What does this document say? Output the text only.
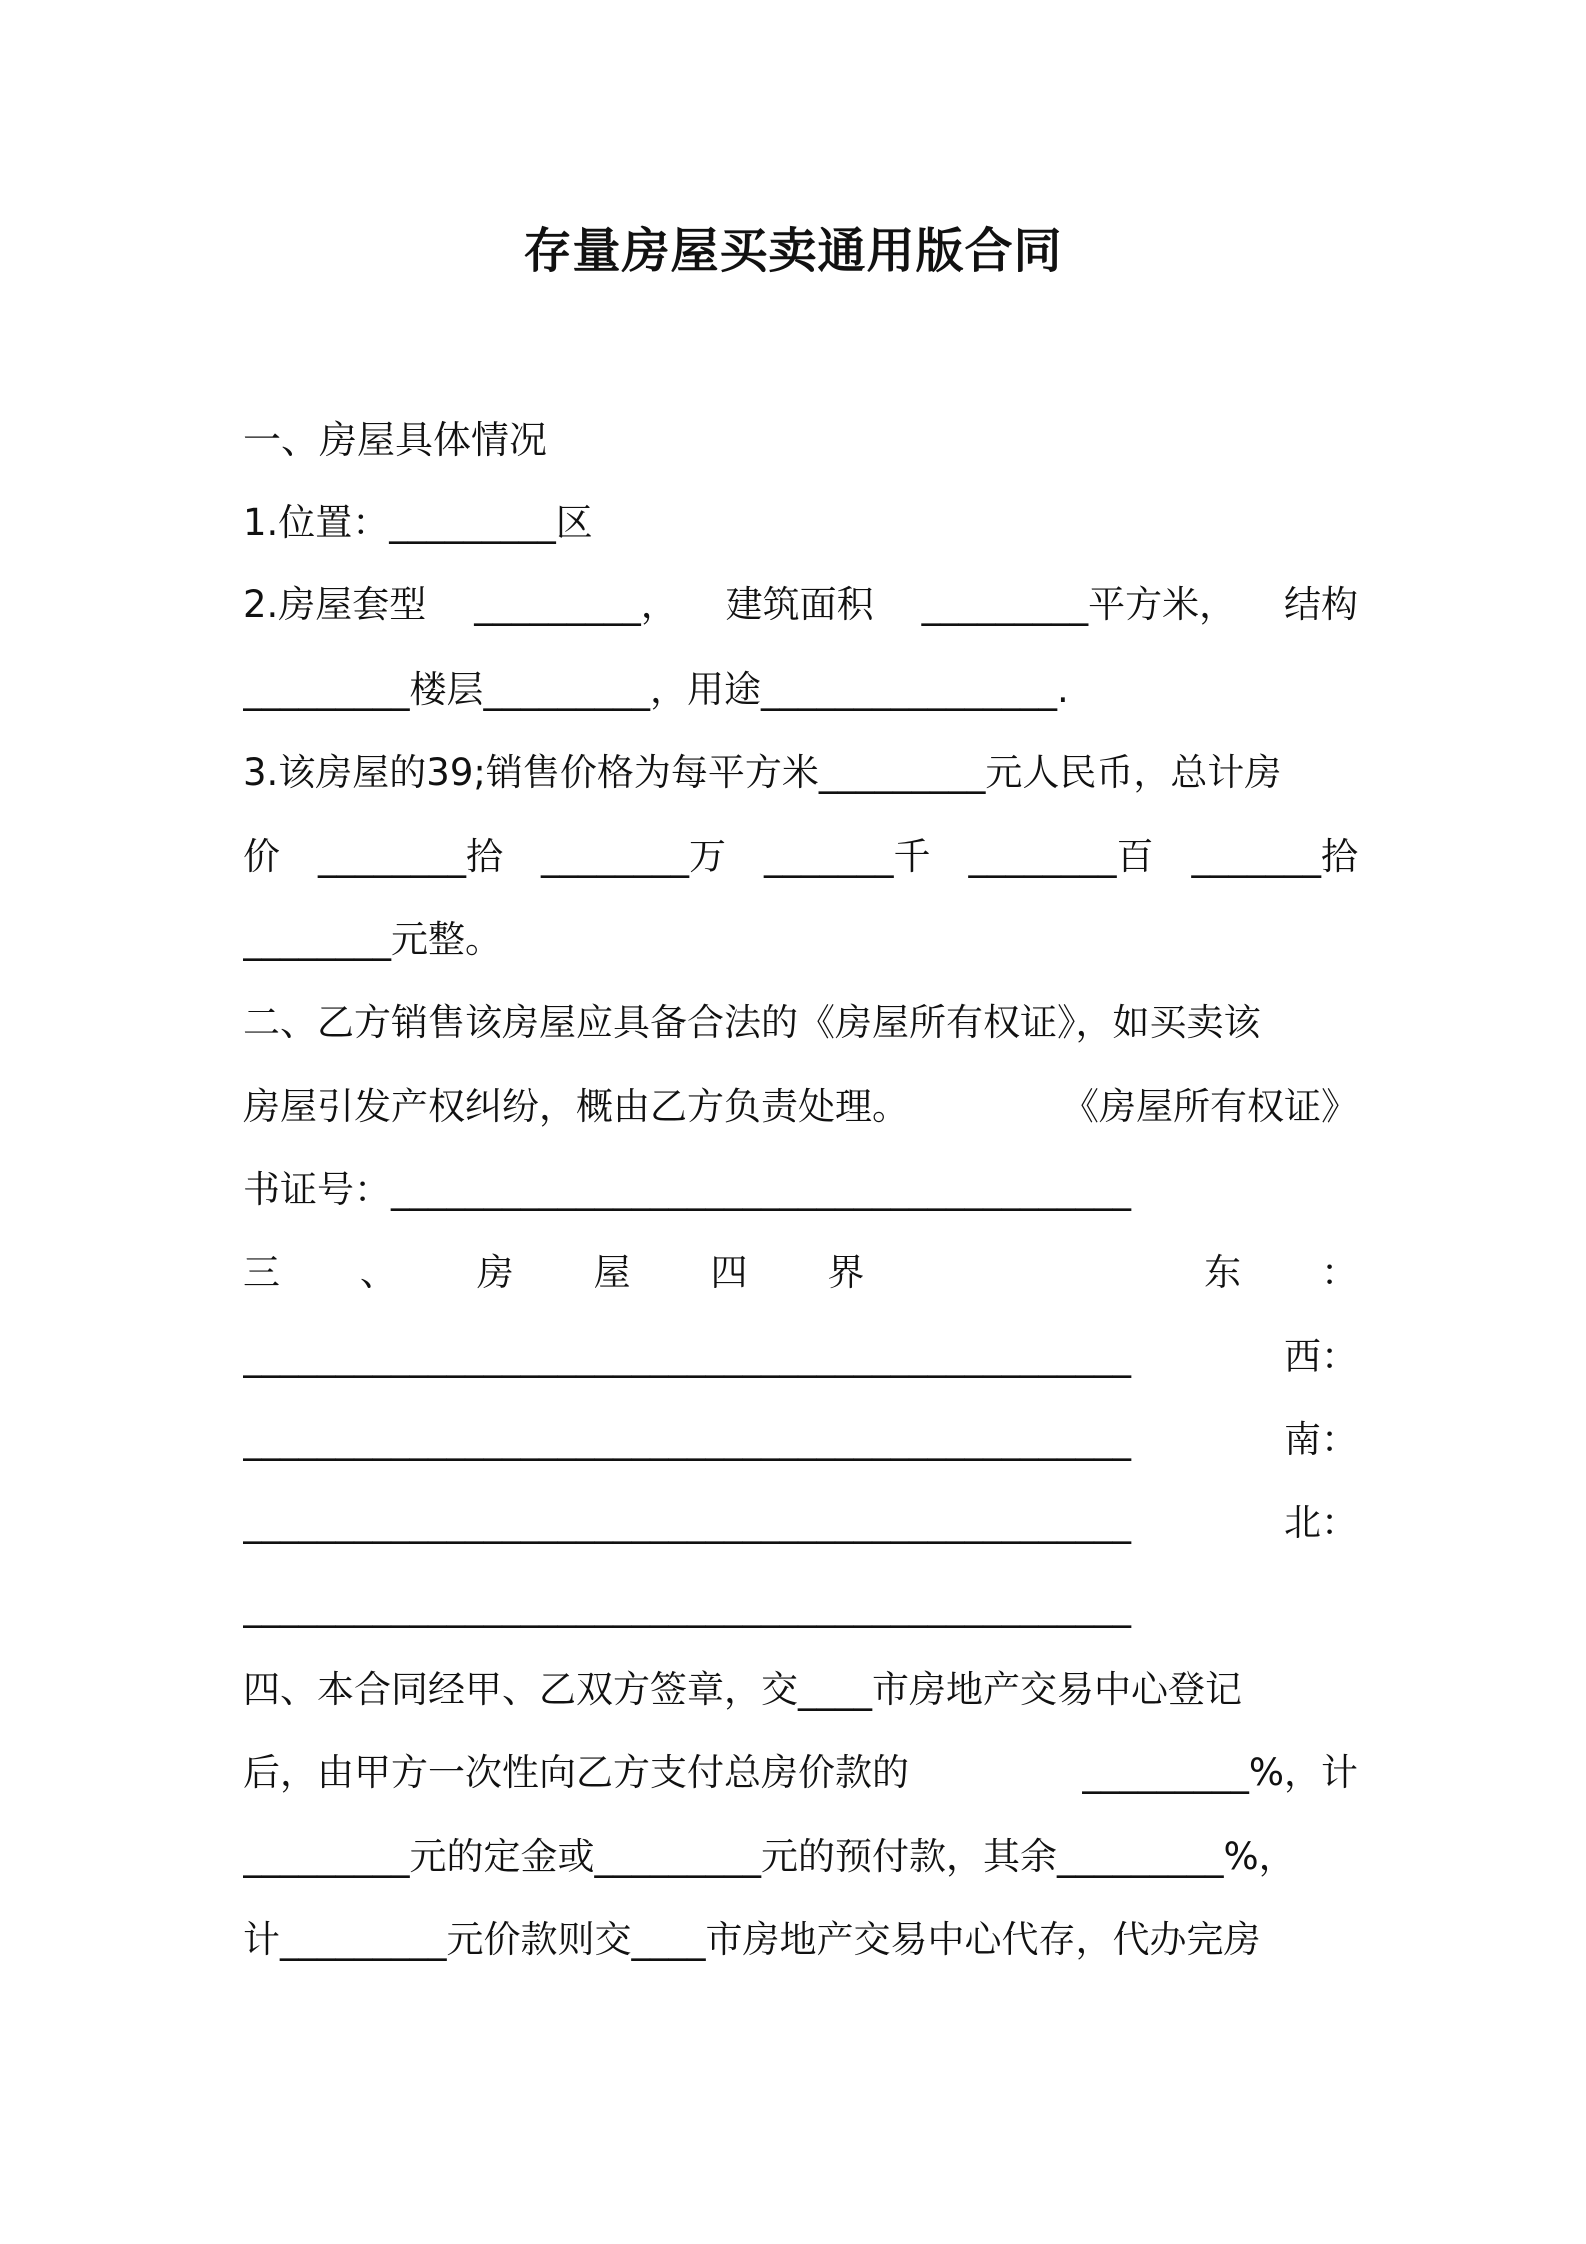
存量房屋买卖通用版合同
一、房屋具体情况
1.位置：_________区
2.房屋套型 _________， 建筑面积 _________平方米， 结构
_________楼层_________，用途________________.
3.该房屋的39;销售价格为每平方米_________元人民币，总计房
价 ________拾 ________万 _______千 ________百 _______拾
________元整。
二、乙方销售该房屋应具备合法的《房屋所有权证》，如买卖该
房屋引发产权纠纷，概由乙方负责处理。	《房屋所有权证》
书证号：________________________________________
三 、 房 屋 四 界	东 ：
________________________________________________	西：
________________________________________________	南：
________________________________________________	北：
________________________________________________
四、本合同经甲、乙双方签章，交____市房地产交易中心登记
后，由甲方一次性向乙方支付总房价款的	_________%，计
_________元的定金或_________元的预付款，其余_________%，
计_________元价款则交____市房地产交易中心代存，代办完房
